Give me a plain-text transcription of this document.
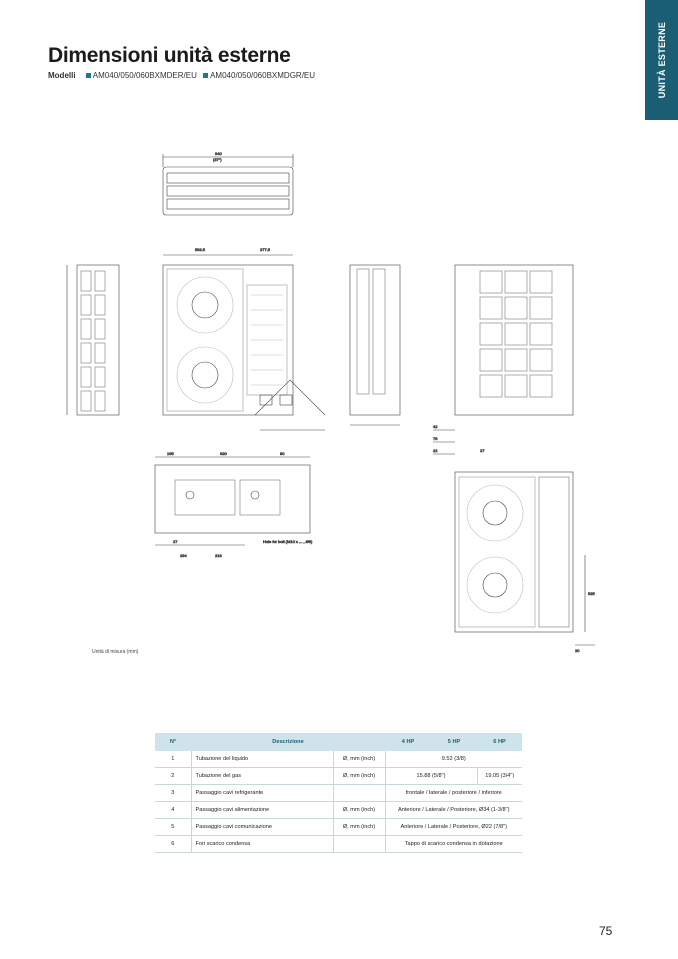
UNITÀ ESTERNE
Dimensioni unità esterne
Modelli AM040/050/060BXMDER/EU AM040/050/060BXMDGR/EU
940
(37")
582.5	277.5
42
78
22	27
165	620	80
27
294	218
Hole for bolt (M10 x ... , Ø8)
525
20
Unità di misura (mm)
N°	Descrizione		4 HP	5 HP	6 HP
1	Tubazione del liquido	Ø, mm (inch)	9.52 (3/8)		
2	Tubazione del gas	Ø, mm (inch)	15.88 (5/8")		19.05 (3/4")
3	Passaggio cavi refrigerante		frontale / laterale / posteriore / inferiore		
4	Passaggio cavi alimentazione	Ø, mm (inch)	Anteriore / Laterale / Posteriore, Ø34 (1-3/8")		
5	Passaggio cavi comunicazione	Ø, mm (inch)	Anteriore / Laterale / Posteriore, Ø22 (7/8")		
6	Fori scarico condensa		Tappo di scarico condensa in dotazione		
75
